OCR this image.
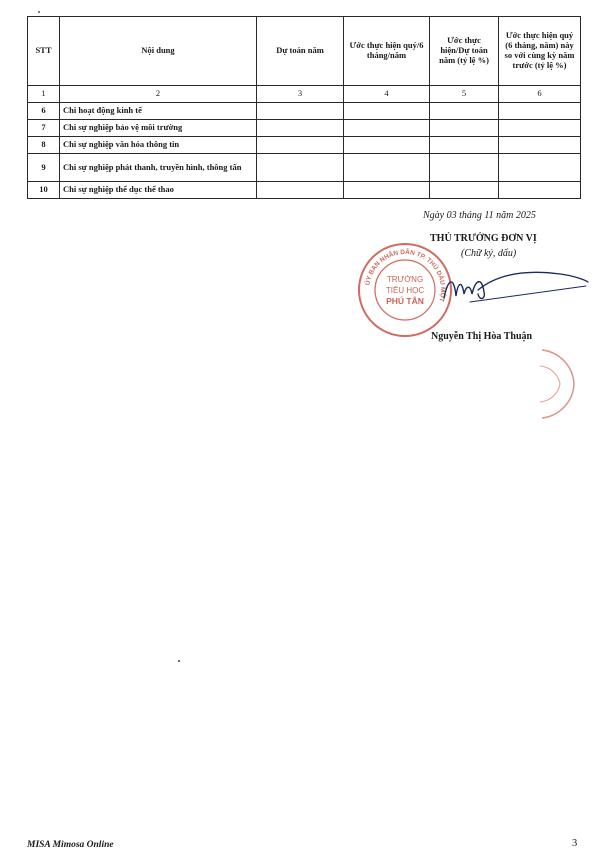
STT	Nội dung	Dự toán năm	Ước thực hiện quý/6 tháng/năm	Ước thực hiện/Dự toán năm (tỷ lệ %)	Ước thực hiện quý (6 tháng, năm) này so với cùng kỳ năm trước (tỷ lệ %)
1	2	3	4	5	6
6	Chi hoạt động kinh tế				
7	Chi sự nghiệp bảo vệ môi trường				
8	Chi sự nghiệp văn hóa thông tin				
9	Chi sự nghiệp phát thanh, truyền hình, thông tấn				
10	Chi sự nghiệp thể dục thể thao				
Ngày 03 tháng 11 năm 2025
THỦ TRƯỞNG ĐƠN VỊ
(Chữ ký, dấu)
ỦY BAN NHÂN DÂN TP. THỦ DẦU MỘT
TRƯỜNG
TIỂU HỌC
PHÚ TÂN
Nguyễn Thị Hòa Thuận
MISA Mimosa Online	3
